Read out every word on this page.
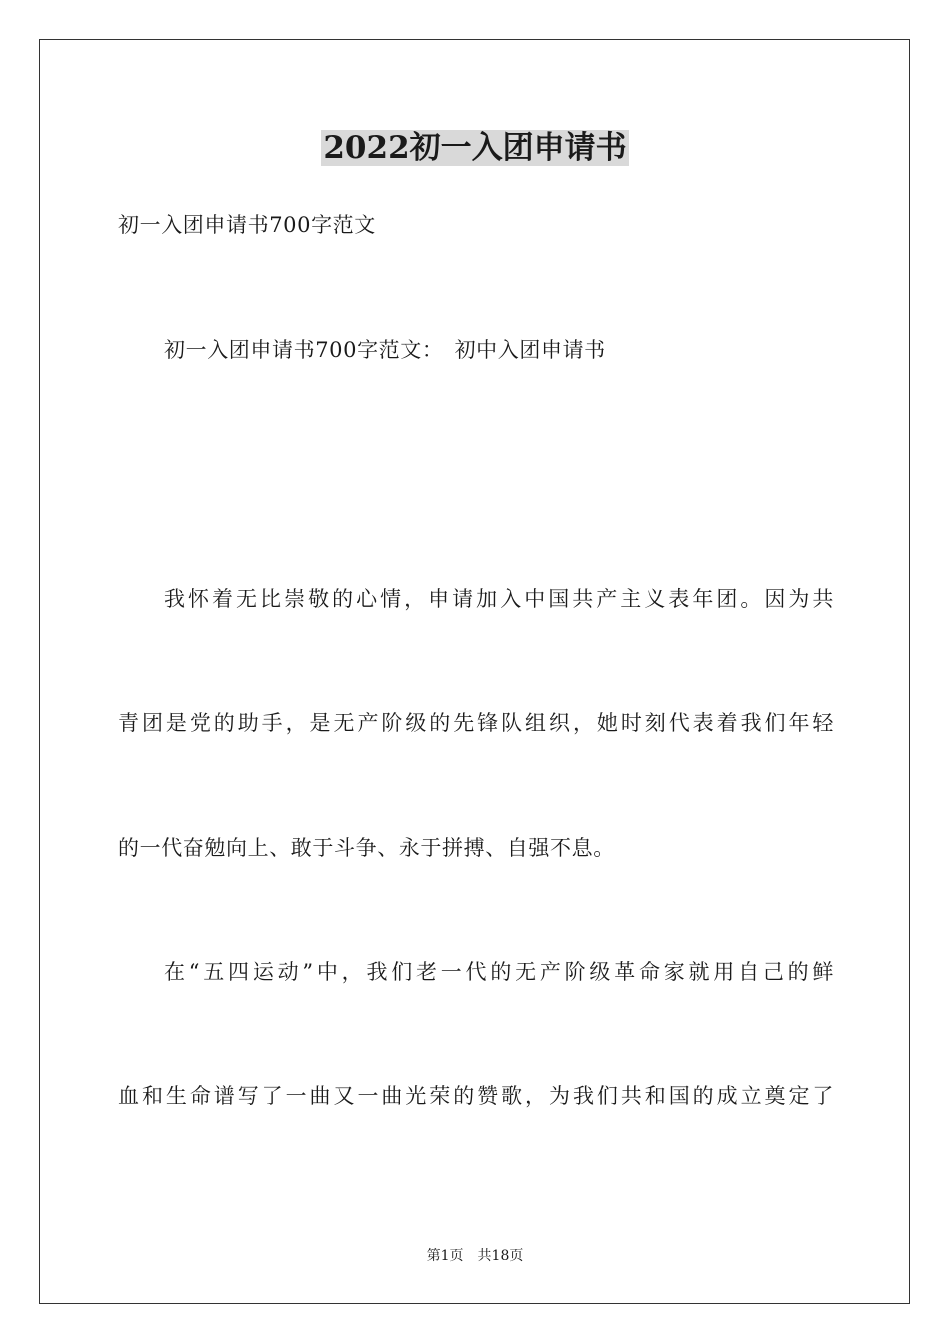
2022初一入团申请书
初一入团申请书700字范文
初一入团申请书700字范文：　初中入团申请书
我怀着无比崇敬的心情，申请加入中国共产主义表年团。因为共
青团是党的助手，是无产阶级的先锋队组织，她时刻代表着我们年轻
的一代奋勉向上、敢于斗争、永于拼搏、自强不息。
在“五四运动”中，我们老一代的无产阶级革命家就用自己的鲜
血和生命谱写了一曲又一曲光荣的赞歌，为我们共和国的成立奠定了
第1页 共18页
